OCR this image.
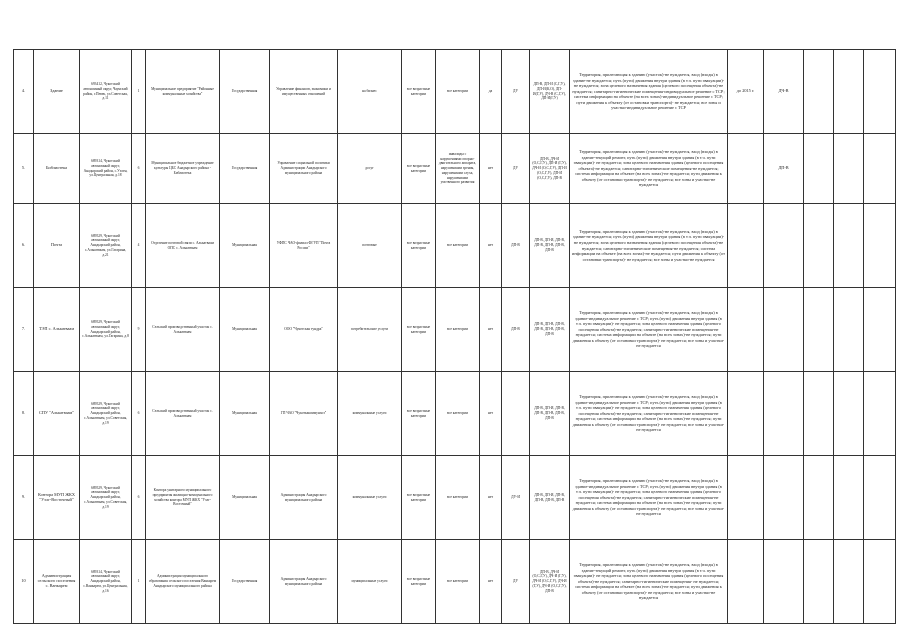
4.	Здание	693412, Чукотский автономный округ, Чаунский район, г.Певек, ул.Советская, д.11	1	Муниципальное предприятие "Районные коммунальные хозяйства"	Государственная	Управление финансов, экономики и имущественных отношений	на бизнес	все возрастные категории	все категории	да	ДУ	ДП-В, ДП-И (С,Г,У), ДП-И(К,О), ДП-И(Г,У), ДЧ-В (С,Г,У), ДП-И(Г,У)	Территория, прилегающая к зданию (участок)-не нуждается, вход (входы) в здание-не нуждается; путь (пути) движения внутри здания (в т.ч. пути эвакуации)- не нуждается; зона целевого назначения здания (целевого посещения объекта)-не нуждается; санитарно-гигиенические помещения-индивидуальное решение с ТСР; система информации на объекте (на всех зонах)-индивидуальное решение с ТСР; пути движения к объекту (от остановки транспорта)- не нуждается; все зоны и участки-индивидуальное решение с ТСР	до 2015 г.	ДЧ-В			
5.	Библиотека	689314, Чукотский автономный округ, Анадырский район, с.Уэлен, ул.Центральная, д.18	6	Муниципальное бюджетное учреждение культуры ЦБС Анадырского района - Библиотека	Государственная	Управление социальной политики Администрации Анадырского муниципального района	досуг	все возрастные категории	инвалиды с нарушениями опорно-двигательного аппарата, нарушениями зрения, нарушениями слуха, нарушениями умственного развития	нет	ДУ	ДП-В, ДЧ-И (О,С,Г,У), ДП-И (Г,У), ДЧ-И (О,С,Г,У), ДП-И (О,С,Г,У), ДП-И (О,С,Г,У), ДП-В	Территория, прилегающая к зданию (участок)-не нуждается, вход (входы) в здание-текущий ремонт, путь (пути) движения внутри здания (в т.ч. пути эвакуации)- не нуждается; зона целевого назначения здания (целевого посещения объекта)-не нуждается; санитарно-гигиенические помещения-не нуждается; система информации на объекте (на всех зонах)-не нуждается; пути движения к объекту (от остановки транспорта)- не нуждается; все зоны и участки-не нуждается		ДП-В			
6.	Почта	689529, Чукотский автономный округ, Анадырский район, с.Алькатваам, ул.Гагарина, д.21	4	Отделение почтовой связи с. Алькатваам ОПС с. Алькатваам	Муниципальная	УФПС ЧАО-филиал ФГУП "Почта России"	почтовые	все возрастные категории	все категории	нет	ДП-В	ДП-В, ДП-И, ДП-В, ДП-В, ДП-В, ДП-В, ДП-В	Территория, прилегающая к зданию (участок)-не нуждается, вход (входы) в здание-не нуждается; путь (пути) движения внутри здания (в т.ч. пути эвакуации)- не нуждается; зона целевого назначения здания (целевого посещения объекта)-не нуждается; санитарно-гигиенические помещения-не нуждается; система информации на объекте (на всех зонах)-не нуждается; пути движения к объекту (от остановки транспорта)- не нуждается; все зоны и участки-не нуждается					
7.	ТЭП с. Алькатваам	689529, Чукотский автономный округ, Анадырский район, с.Алькатваам, ул.Гагарина, д.8	9	Сельский производственный участок с. Алькатваам	Муниципальная	ООО "Чукотская тундра"	потребительские услуги	все возрастные категории	все категории	нет	ДП-В	ДП-В, ДП-В, ДП-В, ДП-В, ДП-В, ДП-В, ДП-В	Территория, прилегающая к зданию (участок)-не нуждается, вход (входы) в здание-индивидуальное решение с ТСР; путь (пути) движения внутри здания (в т.ч. пути эвакуации)- не нуждается; зона целевого назначения здания (целевого посещения объекта)-не нуждается; санитарно-гигиенические помещения-не нуждается; система информации на объекте (на всех зонах)-не нуждается; пути движения к объекту (от остановки транспорта)- не нуждается; все зоны и участки-не нуждается					
8.	СПУ "Алькатваам"	689529, Чукотский автономный округ, Анадырский район, с.Алькатваам, ул.Советская, д.19	6	Сельский производственный участок с. Алькатваам	Муниципальная	ГП ЧАО "Чукоткакоммунхоз"	коммунальные услуги	все возрастные категории	все категории	нет		ДП-В, ДП-И, ДП-В, ДП-В, ДП-В, ДП-В, ДП-В	Территория, прилегающая к зданию (участок)-не нуждается, вход (входы) в здание-индивидуальное решение с ТСР; путь (пути) движения внутри здания (в т.ч. пути эвакуации)- не нуждается; зона целевого назначения здания (целевого посещения объекта)-не нуждается; санитарно-гигиенические помещения-не нуждается; система информации на объекте (на всех зонах)-не нуждается; пути движения к объекту (от остановки транспорта)- не нуждается; все зоны и участки-не нуждается					
9.	Контора МУП ЖКХ "Уэлг-Восточный"	689529, Чукотский автономный округ, Анадырский район, с.Алькатваам, ул.Советская, д.19	6	Контора унитарного муниципального предприятия жилищно-коммунального хозяйства контора МУП ЖКХ "Уэлг-Восточный"	Муниципальная	Администрация Анадырского муниципального района	коммунальные услуги	все возрастные категории	все категории	нет	ДУ-И	ДП-В, ДП-И, ДП-В, ДП-В, ДП-В, ДП-В	Территория, прилегающая к зданию (участок)-не нуждается, вход (входы) в здание-индивидуальное решение с ТСР; путь (пути) движения внутри здания (в т.ч. пути эвакуации)- не нуждается; зона целевого назначения здания (целевого посещения объекта)-не нуждается; санитарно-гигиенические помещения-не нуждается; система информации на объекте (на всех зонах)-не нуждается; пути движения к объекту (от остановки транспорта)- не нуждается; все зоны и участки-не нуждается					
10	Администрация сельского поселения с. Ванкарем	689314, Чукотский автономный округ, Анадырский район, с.Ванкарем, ул.Центральная, д.16	1	Администрация муниципального образования сельского поселения Ванкарем Анадырского муниципального района	Государственная	Администрация Анадырского муниципального района	муниципальные услуги	все возрастные категории	все категории	нет	ДУ	ДП-В, ДЧ-И (О,С,Г,У), ДЧ-И (Г,У), ДЧ-И (О,С,Г,У), ДЧ-И (Г,У), ДЧ-И (О,С,Г,У), ДП-В	Территория, прилегающая к зданию (участок)-не нуждается, вход (входы) в здание-текущий ремонт, путь (пути) движения внутри здания (в т.ч. пути эвакуации)- не нуждается; зона целевого назначения здания (целевого посещения объекта)-не нуждается; санитарно-гигиенические помещения- не нуждается; система информации на объекте (на всех зонах)-не нуждается; пути движения к объекту (от остановки транспорта)- не нуждается; все зоны и участки-не нуждается					
